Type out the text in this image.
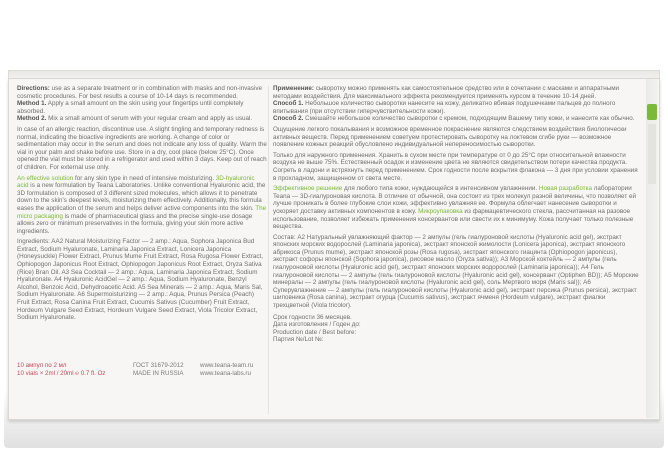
Directions: use as a separate treatment or in combination with masks and non-invasive cosmetic procedures. For best results a course of 10-14 days is recommended.
Method 1. Apply a small amount on the skin using your fingertips until completely absorbed.
Method 2. Mix a small amount of serum with your regular cream and apply as usual.

In case of an allergic reaction, discontinue use. A slight tingling and temporary redness is normal, indicating the bioactive ingredients are working. A change of color or sedimentation may occur in the serum and does not indicate any loss of quality. Warm the vial in your palm and shake before use. Store in a dry, cool place (below 25°C). Once opened the vial must be stored in a refrigerator and used within 3 days. Keep out of reach of children. For external use only.

An effective solution for any skin type in need of intensive moisturizing. 3D-hyaluronic acid is a new formulation by Teana Laboratories. Unlike conventional Hyaluronic acid, the 3D formulation is composed of 3 different sized molecules, which allows it to penetrate down to the skin's deepest levels, moisturizing them effectively. Additionally, this formula eases the application of the serum and helps deliver active components into the skin. The micro packaging is made of pharmaceutical glass and the precise single-use dosage allows zero or minimum preservatives in the formula, giving your skin more active ingredients.

Ingredients: AA2 Natural Moisturizing Factor — 2 amp.: Aqua, Sophora Japonica Bud Extract, Sodium Hyaluronate, Laminaria Japonica Extract, Lonicera Japonica (Honeysuckle) Flower Extract, Prunus Mume Fruit Extract, Rosa Rugosa Flower Extract, Ophiopogon Japonicus Root Extract, Ophiopogon Japonicus Root Extract, Oryza Sativa (Rice) Bran Oil. A3 Sea Cocktail — 2 amp.: Aqua, Laminaria Japonica Extract, Sodium Hyaluronate. A4 Hyaluronic AcidGel — 2 amp.: Aqua, Sodium Hyaluronate, Benzyl Alcohol, Benzoic Acid, Dehydroacetic Acid. A5 Sea Minerals — 2 amp.: Aqua, Maris Sal, Sodium Hyaluronate. A6 Supermoisturizing — 2 amp.: Aqua, Prunus Persica (Peach) Fruit Extract, Rosa Canina Fruit Extract, Cucumis Sativus (Cucumber) Fruit Extract, Hordeum Vulgare Seed Extract, Hordeum Vulgare Seed Extract, Viola Tricolor Extract, Sodium Hyaluronate.

10 ампул по 2 мл
10 vials × 2ml / 20ml ℮ 0.7 fl. Oz
ГОСТ 31679-2012
MADE IN RUSSIA
www.teana-team.ru
www.teana-labs.ru

Применение: сыворотку можно применять как самостоятельное средство или в сочетании с масками и аппаратными методами воздействия. Для максимального эффекта рекомендуется применять курсом в течение 10-14 дней.
Способ 1. Небольшое количество сыворотки нанесите на кожу, деликатно вбивая подушечками пальцев до полного впитывания (при отсутствии гиперчувствительности кожи).
Способ 2. Смешайте небольшое количество сыворотки с кремом, подходящим Вашему типу кожи, и нанесите как обычно.

Ощущение легкого покалывания и возможное временное покраснение являются следствием воздействия биологически активных веществ. Перед применением советуем протестировать сыворотку на локтевом сгибе руки — возможное появление кожных реакций обусловлено индивидуальной непереносимостью сыворотки.

Только для наружного применения. Хранить в сухом месте при температуре от 0 до 25°С при относительной влажности воздуха не выше 75%. Естественный осадок и изменение цвета не являются свидетельством потери качества продукта. Согреть в ладони и встряхнуть перед применением. Срок годности после вскрытия флакона — 3 дня при условии хранения в прохладном, защищенном от света месте.

Эффективное решение для любого типа кожи, нуждающейся в интенсивном увлажнении. Новая разработка лаборатории Teana — 3D-гиалуроновая кислота. В отличие от обычной, она состоит из трех молекул разной величины, что позволяет ей лучше проникать в более глубокие слои кожи, эффективно увлажняя ее. Формула облегчает нанесение сыворотки и ускоряет доставку активных компонентов в кожу. Микроупаковка из фармацевтического стекла, рассчитанная на разовое использование, позволяет избежать применения консервантов или свести их к минимуму. Кожа получает только полезные вещества.

Состав: А2 Натуральный увлажняющий фактор — 2 ампулы (гель гиалуроновой кислоты (Hyaluronic acid gel), экстракт японских морских водорослей (Laminaria japonica), экстракт японской жимолости (Lonicera japonica), экстракт японского абрикоса (Prunus mume), экстракт японской розы (Rosa rugosa), экстракт японского гиацинта (Ophiopogon japonicus), экстракт софоры японской (Sophora japonica), рисовое масло (Oryza sativa)); А3 Морской коктейль — 2 ампулы (гель гиалуроновой кислоты (Hyaluronic acid gel), экстракт японских морских водорослей (Laminaria japonica)); А4 Гель гиалуроновой кислоты — 2 ампулы (гель гиалуроновой кислоты (Hyaluronic acid gel), консервант (Optiphen BD)); А5 Морские минералы — 2 ампулы (гель гиалуроновой кислоты (Hyaluronic acid gel), соль Мертвого моря (Maris sal)); А6 Суперувлажнение — 2 ампулы (гель гиалуроновой кислоты (Hyaluronic acid gel), экстракт персика (Prunus persica), экстракт шиповника (Rosa canina), экстракт огурца (Cucumis sativus), экстракт ячменя (Hordeum vulgare), экстракт фиалки трехцветной (Viola tricolor).

Срок годности 36 месяцев.
Дата изготовления / Годен до:
Production date / Best before:
Партия №/Lot №:
